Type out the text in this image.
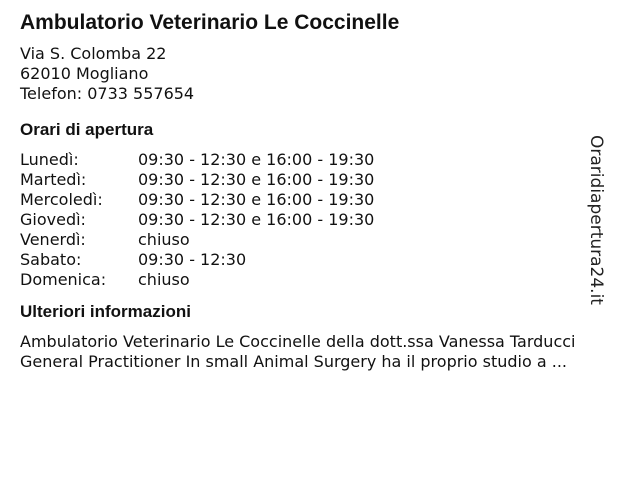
Ambulatorio Veterinario Le Coccinelle
Via S. Colomba 22
62010 Mogliano
Telefon: 0733 557654
Orari di apertura
Lunedì:	09:30 - 12:30 e 16:00 - 19:30
Martedì:	09:30 - 12:30 e 16:00 - 19:30
Mercoledì:	09:30 - 12:30 e 16:00 - 19:30
Giovedì:	09:30 - 12:30 e 16:00 - 19:30
Venerdì:	chiuso
Sabato:	09:30 - 12:30
Domenica:	chiuso
Ulteriori informazioni
Ambulatorio Veterinario Le Coccinelle della dott.ssa Vanessa Tarducci
General Practitioner In small Animal Surgery ha il proprio studio a ...
Oraridiapertura24.it
